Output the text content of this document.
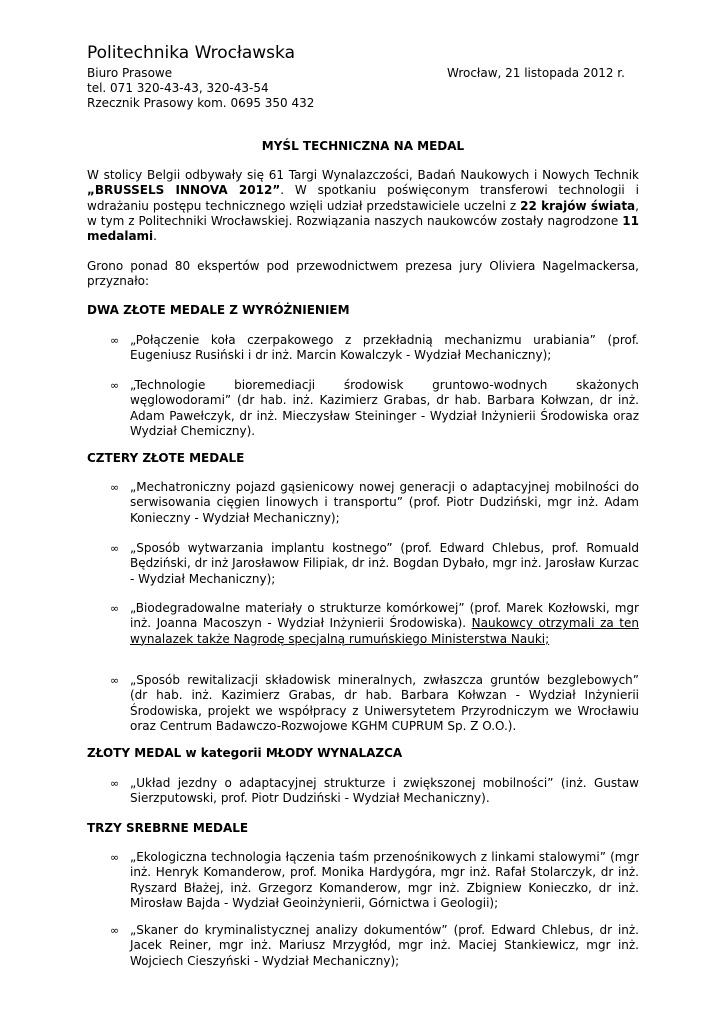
Politechnika Wrocławska
Biuro Prasowe
tel. 071 320-43-43, 320-43-54
Rzecznik Prasowy kom. 0695 350 432
Wrocław, 21 listopada 2012 r.
MYŚL TECHNICZNA NA MEDAL
W stolicy Belgii odbywały się 61 Targi Wynalazczości, Badań Naukowych i Nowych Technik „BRUSSELS INNOVA 2012”. W spotkaniu poświęconym transferowi technologii i wdrażaniu postępu technicznego wzięli udział przedstawiciele uczelni z 22 krajów świata, w tym z Politechniki Wrocławskiej. Rozwiązania naszych naukowców zostały nagrodzone 11 medalami.
Grono ponad 80 ekspertów pod przewodnictwem prezesa jury Oliviera Nagelmackersa, przyznało:
DWA ZŁOTE MEDALE Z WYRÓŻNIENIEM
∞ „Połączenie koła czerpakowego z przekładnią mechanizmu urabiania” (prof. Eugeniusz Rusiński i dr inż. Marcin Kowalczyk - Wydział Mechaniczny);
∞ „Technologie bioremediacji środowisk gruntowo-wodnych skażonych węglowodorami” (dr hab. inż. Kazimierz Grabas, dr hab. Barbara Kołwzan, dr inż. Adam Pawełczyk, dr inż. Mieczysław Steininger - Wydział Inżynierii Środowiska oraz Wydział Chemiczny).
CZTERY ZŁOTE MEDALE
∞ „Mechatroniczny pojazd gąsienicowy nowej generacji o adaptacyjnej mobilności do serwisowania cięgien linowych i transportu” (prof. Piotr Dudziński, mgr inż. Adam Konieczny - Wydział Mechaniczny);
∞ „Sposób wytwarzania implantu kostnego” (prof. Edward Chlebus, prof. Romuald Będziński, dr inż Jarosławow Filipiak, dr inż. Bogdan Dybało, mgr inż. Jarosław Kurzac - Wydział Mechaniczny);
∞ „Biodegradowalne materiały o strukturze komórkowej” (prof. Marek Kozłowski, mgr inż. Joanna Macoszyn - Wydział Inżynierii Środowiska). Naukowcy otrzymali za ten wynalazek także Nagrodę specjalną rumuńskiego Ministerstwa Nauki;
∞ „Sposób rewitalizacji składowisk mineralnych, zwłaszcza gruntów bezglebowych” (dr hab. inż. Kazimierz Grabas, dr hab. Barbara Kołwzan - Wydział Inżynierii Środowiska, projekt we współpracy z Uniwersytetem Przyrodniczym we Wrocławiu oraz Centrum Badawczo-Rozwojowe KGHM CUPRUM Sp. Z O.O.).
ZŁOTY MEDAL w kategorii MŁODY WYNALAZCA
∞ „Układ jezdny o adaptacyjnej strukturze i zwiększonej mobilności” (inż. Gustaw Sierzputowski, prof. Piotr Dudziński - Wydział Mechaniczny).
TRZY SREBRNE MEDALE
∞ „Ekologiczna technologia łączenia taśm przenośnikowych z linkami stalowymi” (mgr inż. Henryk Komanderow, prof. Monika Hardygóra, mgr inż. Rafał Stolarczyk, dr inż. Ryszard Błażej, inż. Grzegorz Komanderow, mgr inż. Zbigniew Konieczko, dr inż. Mirosław Bajda - Wydział Geoinżynierii, Górnictwa i Geologii);
∞ „Skaner do kryminalistycznej analizy dokumentów” (prof. Edward Chlebus, dr inż. Jacek Reiner, mgr inż. Mariusz Mrzygłód, mgr inż. Maciej Stankiewicz, mgr inż. Wojciech Cieszyński - Wydział Mechaniczny);
